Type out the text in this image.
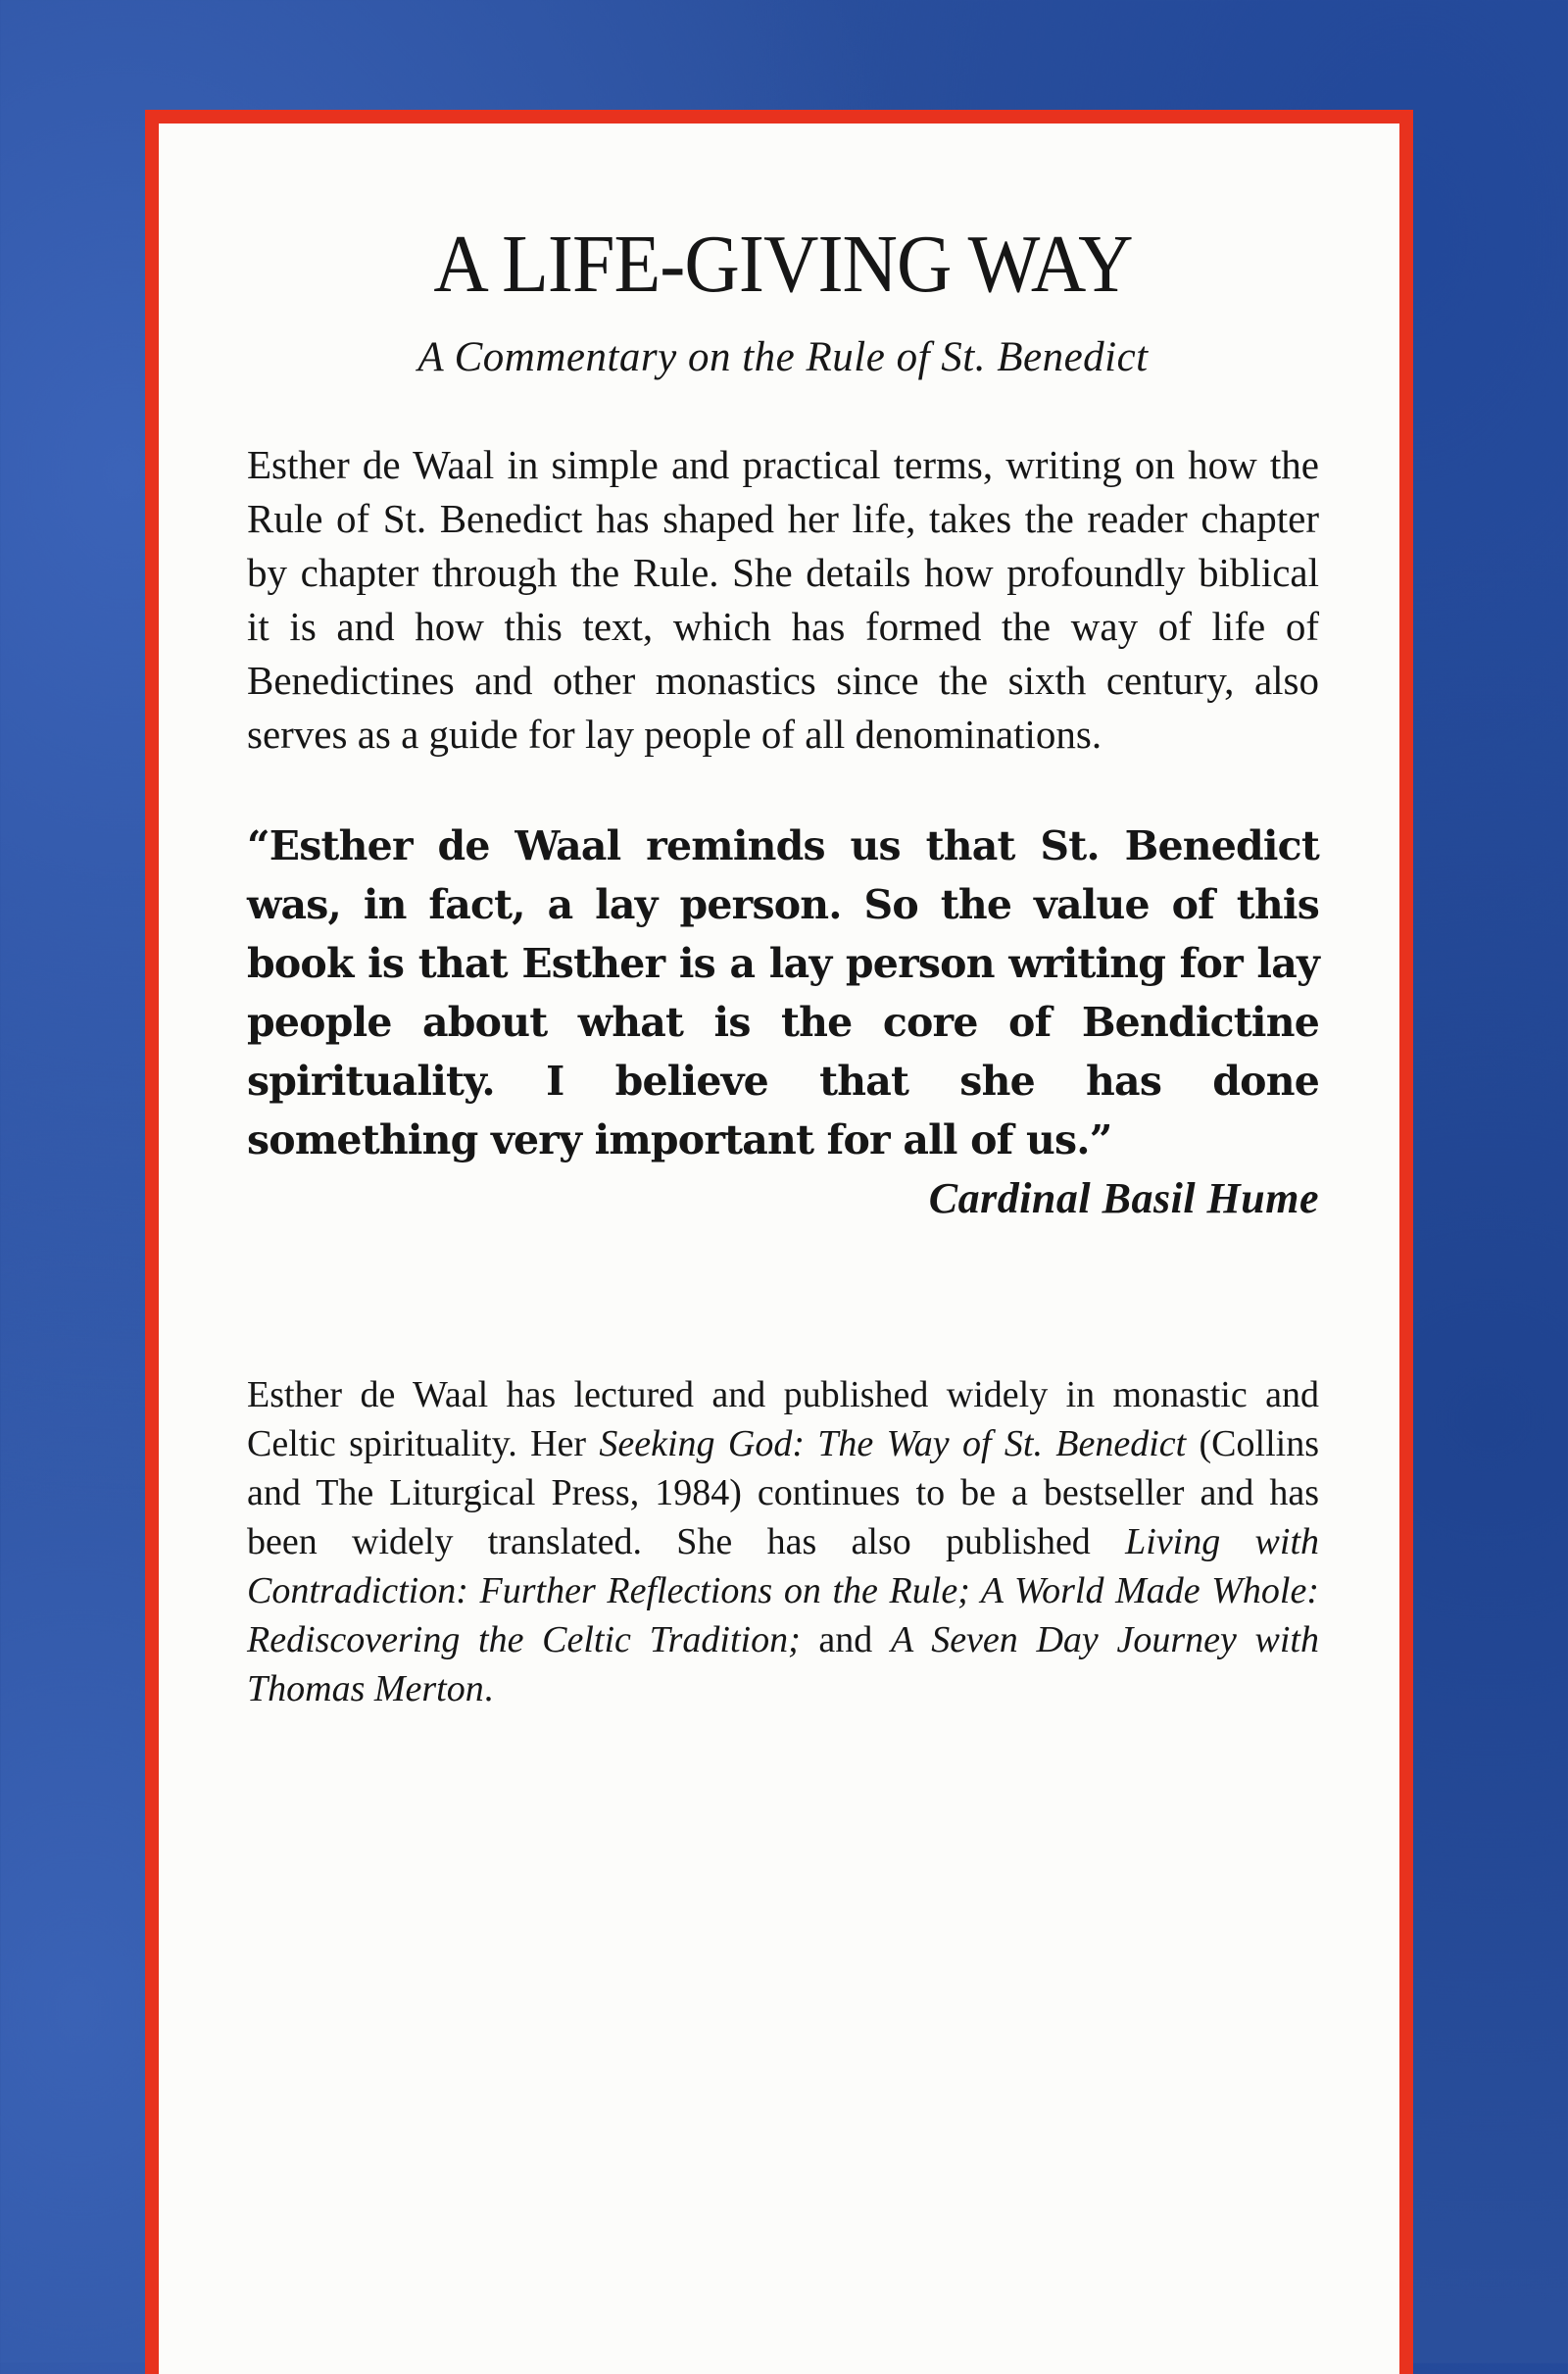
A LIFE-GIVING WAY

A Commentary on the Rule of St. Benedict

Esther de Waal in simple and practical terms, writing on how the Rule of St. Benedict has shaped her life, takes the reader chapter by chapter through the Rule. She details how profoundly biblical it is and how this text, which has formed the way of life of Benedictines and other monastics since the sixth century, also serves as a guide for lay people of all denominations.

“Esther de Waal reminds us that St. Benedict was, in fact, a lay person. So the value of this book is that Esther is a lay person writing for lay people about what is the core of Bendictine spirituality. I believe that she has done something very important for all of us.”

Cardinal Basil Hume

Esther de Waal has lectured and published widely in monastic and Celtic spirituality. Her Seeking God: The Way of St. Benedict (Collins and The Liturgical Press, 1984) continues to be a bestseller and has been widely translated. She has also published Living with Contradiction: Further Reflections on the Rule; A World Made Whole: Rediscovering the Celtic Tradition; and A Seven Day Journey with Thomas Merton.
